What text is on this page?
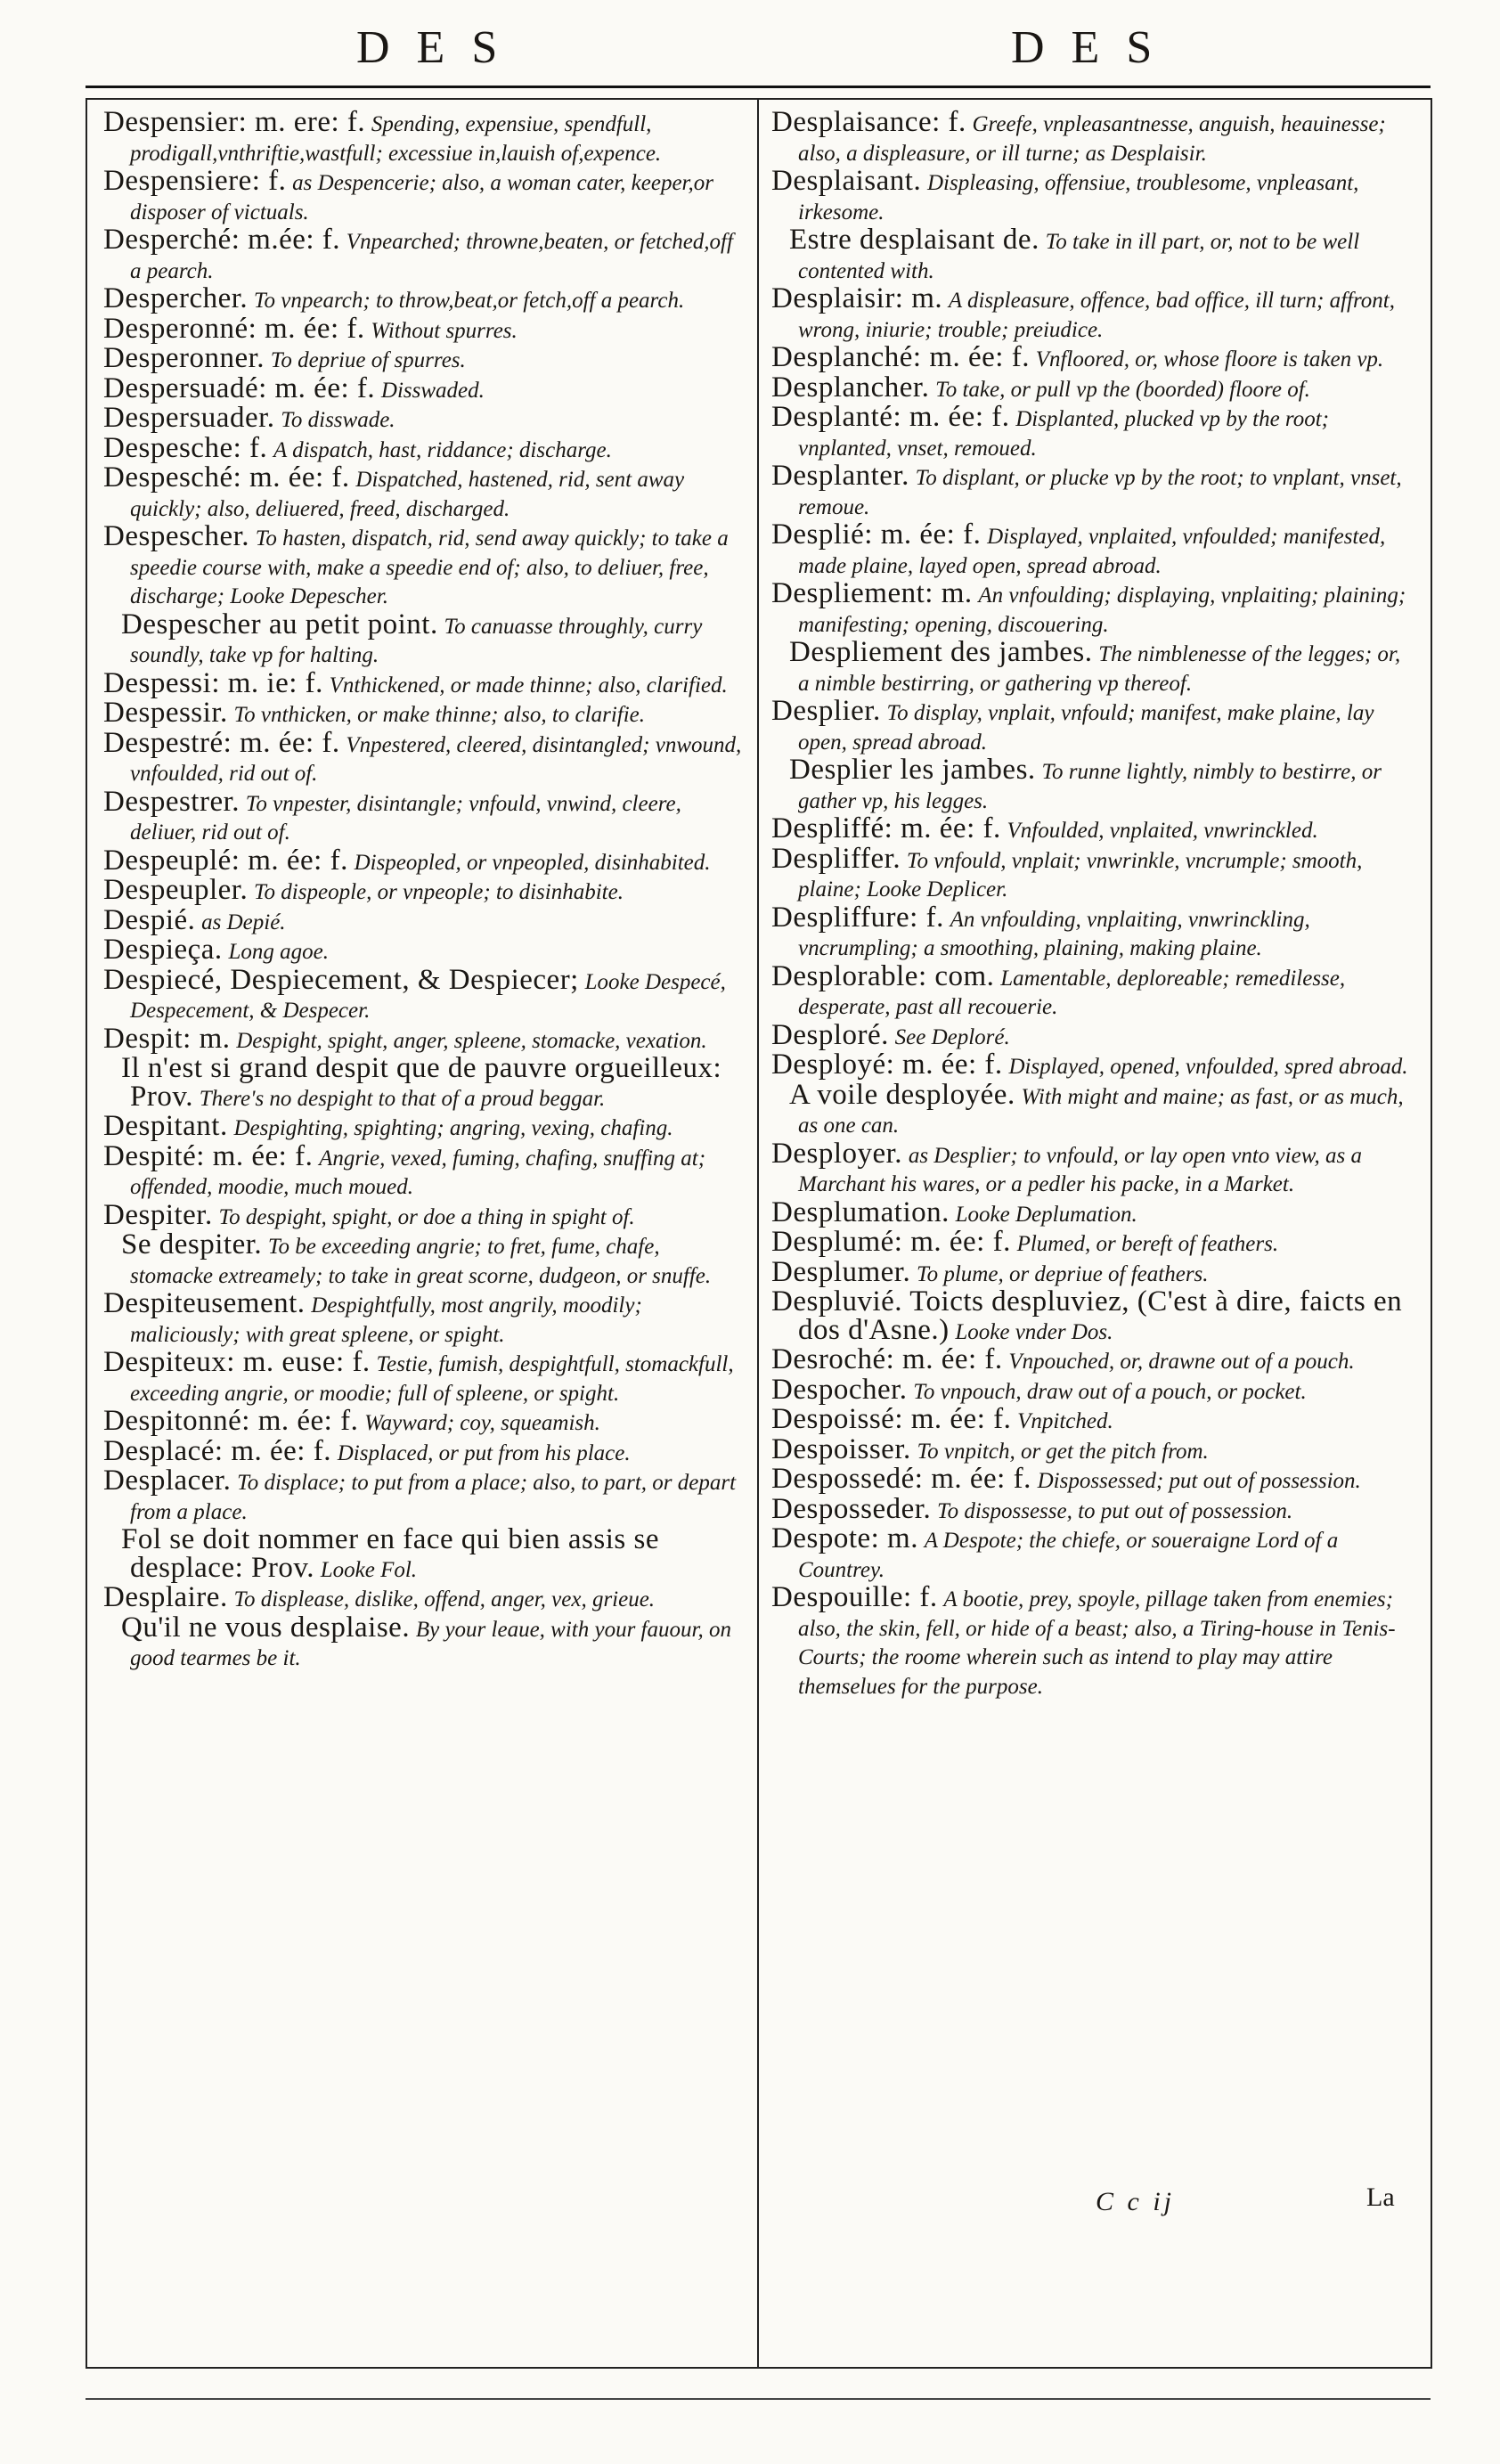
DES	DES
Despensier: m. ere: f. Spending, expensiue, spendfull, prodigall,vnthriftie,wastfull; excessiue in,lauish of,expence.
Despensiere: f. as Despencerie; also, a woman cater, keeper,or disposer of victuals.
Desperché: m.ée: f. Vnpearched; throwne,beaten, or fetched,off a pearch.
Despercher. To vnpearch; to throw,beat,or fetch,off a pearch.
Desperonné: m. ée: f. Without spurres.
Desperonner. To depriue of spurres.
Despersuadé: m. ée: f. Disswaded.
Despersuader. To disswade.
Despesche: f. A dispatch, hast, riddance; discharge.
Despesché: m. ée: f. Dispatched, hastened, rid, sent away quickly; also, deliuered, freed, discharged.
Despescher. To hasten, dispatch, rid, send away quickly; to take a speedie course with, make a speedie end of; also, to deliuer, free, discharge; Looke Depescher.
Despescher au petit point. To canuasse throughly, curry soundly, take vp for halting.
Despessi: m. ie: f. Vnthickened, or made thinne; also, clarified.
Despessir. To vnthicken, or make thinne; also, to clarifie.
Despestré: m. ée: f. Vnpestered, cleered, disintangled; vnwound, vnfoulded, rid out of.
Despestrer. To vnpester, disintangle; vnfould, vnwind, cleere, deliuer, rid out of.
Despeuplé: m. ée: f. Dispeopled, or vnpeopled, disinhabited.
Despeupler. To dispeople, or vnpeople; to disinhabite.
Despié. as Depié.
Despieça. Long agoe.
Despiecé, Despiecement, & Despiecer; Looke Despecé, Despecement, & Despecer.
Despit: m. Despight, spight, anger, spleene, stomacke, vexation.
Il n'est si grand despit que de pauvre orgueilleux: Prov. There's no despight to that of a proud beggar.
Despitant. Despighting, spighting; angring, vexing, chafing.
Despité: m. ée: f. Angrie, vexed, fuming, chafing, snuffing at; offended, moodie, much moued.
Despiter. To despight, spight, or doe a thing in spight of.
Se despiter. To be exceeding angrie; to fret, fume, chafe, stomacke extreamely; to take in great scorne, dudgeon, or snuffe.
Despiteusement. Despightfully, most angrily, moodily; maliciously; with great spleene, or spight.
Despiteux: m. euse: f. Testie, fumish, despightfull, stomackfull, exceeding angrie, or moodie; full of spleene, or spight.
Despitonné: m. ée: f. Wayward; coy, squeamish.
Desplacé: m. ée: f. Displaced, or put from his place.
Desplacer. To displace; to put from a place; also, to part, or depart from a place.
Fol se doit nommer en face qui bien assis se desplace: Prov. Looke Fol.
Desplaire. To displease, dislike, offend, anger, vex, grieue.
Qu'il ne vous desplaise. By your leaue, with your fauour, on good tearmes be it.
Desplaisance: f. Greefe, vnpleasantnesse, anguish, heauinesse; also, a displeasure, or ill turne; as Desplaisir.
Desplaisant. Displeasing, offensiue, troublesome, vnpleasant, irkesome.
Estre desplaisant de. To take in ill part, or, not to be well contented with.
Desplaisir: m. A displeasure, offence, bad office, ill turn; affront, wrong, iniurie; trouble; preiudice.
Desplanché: m. ée: f. Vnfloored, or, whose floore is taken vp.
Desplancher. To take, or pull vp the (boorded) floore of.
Desplanté: m. ée: f. Displanted, plucked vp by the root; vnplanted, vnset, remoued.
Desplanter. To displant, or plucke vp by the root; to vnplant, vnset, remoue.
Desplié: m. ée: f. Displayed, vnplaited, vnfoulded; manifested, made plaine, layed open, spread abroad.
Despliement: m. An vnfoulding; displaying, vnplaiting; plaining; manifesting; opening, discouering.
Despliement des jambes. The nimblenesse of the legges; or, a nimble bestirring, or gathering vp thereof.
Desplier. To display, vnplait, vnfould; manifest, make plaine, lay open, spread abroad.
Desplier les jambes. To runne lightly, nimbly to bestirre, or gather vp, his legges.
Despliffé: m. ée: f. Vnfoulded, vnplaited, vnwrinckled.
Despliffer. To vnfould, vnplait; vnwrinkle, vncrumple; smooth, plaine; Looke Deplicer.
Despliffure: f. An vnfoulding, vnplaiting, vnwrinckling, vncrumpling; a smoothing, plaining, making plaine.
Desplorable: com. Lamentable, deploreable; remedilesse, desperate, past all recouerie.
Desploré. See Deploré.
Desployé: m. ée: f. Displayed, opened, vnfoulded, spred abroad.
A voile desployée. With might and maine; as fast, or as much, as one can.
Desployer. as Desplier; to vnfould, or lay open vnto view, as a Marchant his wares, or a pedler his packe, in a Market.
Desplumation. Looke Deplumation.
Desplumé: m. ée: f. Plumed, or bereft of feathers.
Desplumer. To plume, or depriue of feathers.
Despluvié. Toicts despluviez, (C'est à dire, faicts en dos d'Asne.) Looke vnder Dos.
Desroché: m. ée: f. Vnpouched, or, drawne out of a pouch.
Despocher. To vnpouch, draw out of a pouch, or pocket.
Despoissé: m. ée: f. Vnpitched.
Despoisser. To vnpitch, or get the pitch from.
Despossedé: m. ée: f. Dispossessed; put out of possession.
Desposseder. To dispossesse, to put out of possession.
Despote: m. A Despote; the chiefe, or soueraigne Lord of a Countrey.
Despouille: f. A bootie, prey, spoyle, pillage taken from enemies; also, the skin, fell, or hide of a beast; also, a Tiring-house in Tenis-Courts; the roome wherein such as intend to play may attire themselues for the purpose.
C c ij	La
